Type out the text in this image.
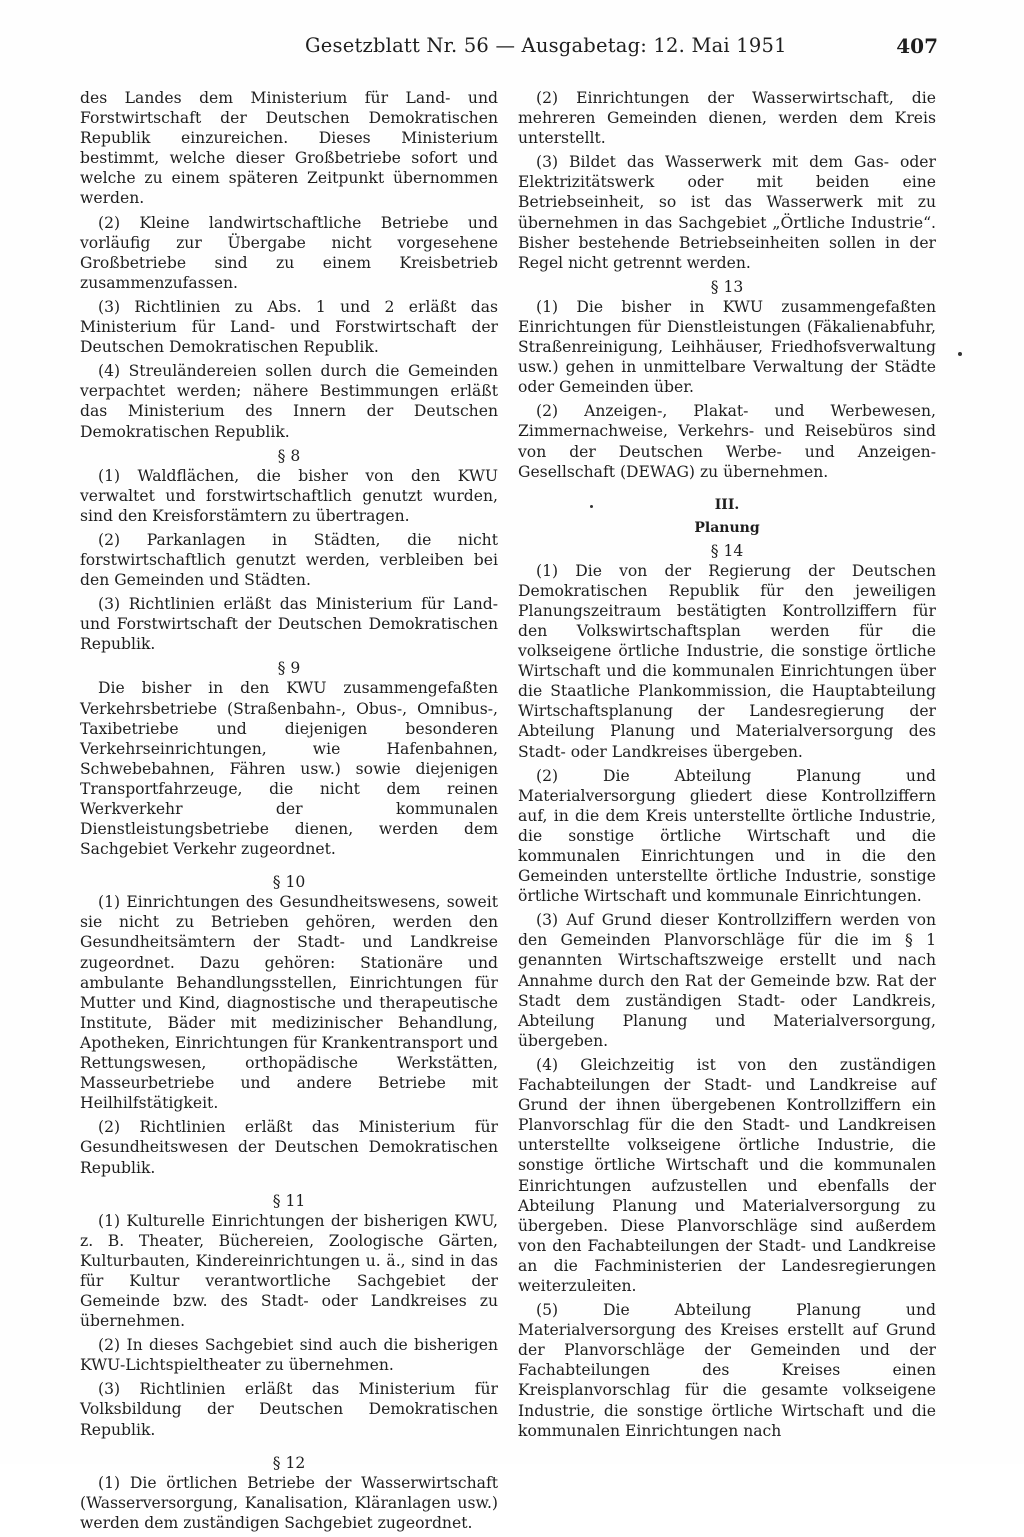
Gesetzblatt Nr. 56 — Ausgabetag: 12. Mai 1951	407

des Landes dem Ministerium für Land- und Forstwirtschaft der Deutschen Demokratischen Republik einzureichen. Dieses Ministerium bestimmt, welche dieser Großbetriebe sofort und welche zu einem späteren Zeitpunkt übernommen werden.

(2) Kleine landwirtschaftliche Betriebe und vorläufig zur Übergabe nicht vorgesehene Großbetriebe sind zu einem Kreisbetrieb zusammenzufassen.

(3) Richtlinien zu Abs. 1 und 2 erläßt das Ministerium für Land- und Forstwirtschaft der Deutschen Demokratischen Republik.

(4) Streuländereien sollen durch die Gemeinden verpachtet werden; nähere Bestimmungen erläßt das Ministerium des Innern der Deutschen Demokratischen Republik.

§ 8

(1) Waldflächen, die bisher von den KWU verwaltet und forstwirtschaftlich genutzt wurden, sind den Kreisforstämtern zu übertragen.

(2) Parkanlagen in Städten, die nicht forstwirtschaftlich genutzt werden, verbleiben bei den Gemeinden und Städten.

(3) Richtlinien erläßt das Ministerium für Land- und Forstwirtschaft der Deutschen Demokratischen Republik.

§ 9

Die bisher in den KWU zusammengefaßten Verkehrsbetriebe (Straßenbahn-, Obus-, Omnibus-, Taxibetriebe und diejenigen besonderen Verkehrseinrichtungen, wie Hafenbahnen, Schwebebahnen, Fähren usw.) sowie diejenigen Transportfahrzeuge, die nicht dem reinen Werkverkehr der kommunalen Dienstleistungsbetriebe dienen, werden dem Sachgebiet Verkehr zugeordnet.

§ 10

(1) Einrichtungen des Gesundheitswesens, soweit sie nicht zu Betrieben gehören, werden den Gesundheitsämtern der Stadt- und Landkreise zugeordnet. Dazu gehören: Stationäre und ambulante Behandlungsstellen, Einrichtungen für Mutter und Kind, diagnostische und therapeutische Institute, Bäder mit medizinischer Behandlung, Apotheken, Einrichtungen für Krankentransport und Rettungswesen, orthopädische Werkstätten, Masseurbetriebe und andere Betriebe mit Heilhilfstätigkeit.

(2) Richtlinien erläßt das Ministerium für Gesundheitswesen der Deutschen Demokratischen Republik.

§ 11

(1) Kulturelle Einrichtungen der bisherigen KWU, z. B. Theater, Büchereien, Zoologische Gärten, Kulturbauten, Kindereinrichtungen u. ä., sind in das für Kultur verantwortliche Sachgebiet der Gemeinde bzw. des Stadt- oder Landkreises zu übernehmen.

(2) In dieses Sachgebiet sind auch die bisherigen KWU-Lichtspieltheater zu übernehmen.

(3) Richtlinien erläßt das Ministerium für Volksbildung der Deutschen Demokratischen Republik.

§ 12

(1) Die örtlichen Betriebe der Wasserwirtschaft (Wasserversorgung, Kanalisation, Kläranlagen usw.) werden dem zuständigen Sachgebiet zugeordnet.

(2) Einrichtungen der Wasserwirtschaft, die mehreren Gemeinden dienen, werden dem Kreis unterstellt.

(3) Bildet das Wasserwerk mit dem Gas- oder Elektrizitätswerk oder mit beiden eine Betriebseinheit, so ist das Wasserwerk mit zu übernehmen in das Sachgebiet „Örtliche Industrie“. Bisher bestehende Betriebseinheiten sollen in der Regel nicht getrennt werden.

§ 13

(1) Die bisher in KWU zusammengefaßten Einrichtungen für Dienstleistungen (Fäkalienabfuhr, Straßenreinigung, Leihhäuser, Friedhofsverwaltung usw.) gehen in unmittelbare Verwaltung der Städte oder Gemeinden über.

(2) Anzeigen-, Plakat- und Werbewesen, Zimmernachweise, Verkehrs- und Reisebüros sind von der Deutschen Werbe- und Anzeigen-Gesellschaft (DEWAG) zu übernehmen.

III.
Planung
§ 14

(1) Die von der Regierung der Deutschen Demokratischen Republik für den jeweiligen Planungszeitraum bestätigten Kontrollziffern für den Volkswirtschaftsplan werden für die volkseigene örtliche Industrie, die sonstige örtliche Wirtschaft und die kommunalen Einrichtungen über die Staatliche Plankommission, die Hauptabteilung Wirtschaftsplanung der Landesregierung der Abteilung Planung und Materialversorgung des Stadt- oder Landkreises übergeben.

(2) Die Abteilung Planung und Materialversorgung gliedert diese Kontrollziffern auf, in die dem Kreis unterstellte örtliche Industrie, die sonstige örtliche Wirtschaft und die kommunalen Einrichtungen und in die den Gemeinden unterstellte örtliche Industrie, sonstige örtliche Wirtschaft und kommunale Einrichtungen.

(3) Auf Grund dieser Kontrollziffern werden von den Gemeinden Planvorschläge für die im § 1 genannten Wirtschaftszweige erstellt und nach Annahme durch den Rat der Gemeinde bzw. Rat der Stadt dem zuständigen Stadt- oder Landkreis, Abteilung Planung und Materialversorgung, übergeben.

(4) Gleichzeitig ist von den zuständigen Fachabteilungen der Stadt- und Landkreise auf Grund der ihnen übergebenen Kontrollziffern ein Planvorschlag für die den Stadt- und Landkreisen unterstellte volkseigene örtliche Industrie, die sonstige örtliche Wirtschaft und die kommunalen Einrichtungen aufzustellen und ebenfalls der Abteilung Planung und Materialversorgung zu übergeben. Diese Planvorschläge sind außerdem von den Fachabteilungen der Stadt- und Landkreise an die Fachministerien der Landesregierungen weiterzuleiten.

(5) Die Abteilung Planung und Materialversorgung des Kreises erstellt auf Grund der Planvorschläge der Gemeinden und der Fachabteilungen des Kreises einen Kreisplanvorschlag für die gesamte volkseigene Industrie, die sonstige örtliche Wirtschaft und die kommunalen Einrichtungen nach
